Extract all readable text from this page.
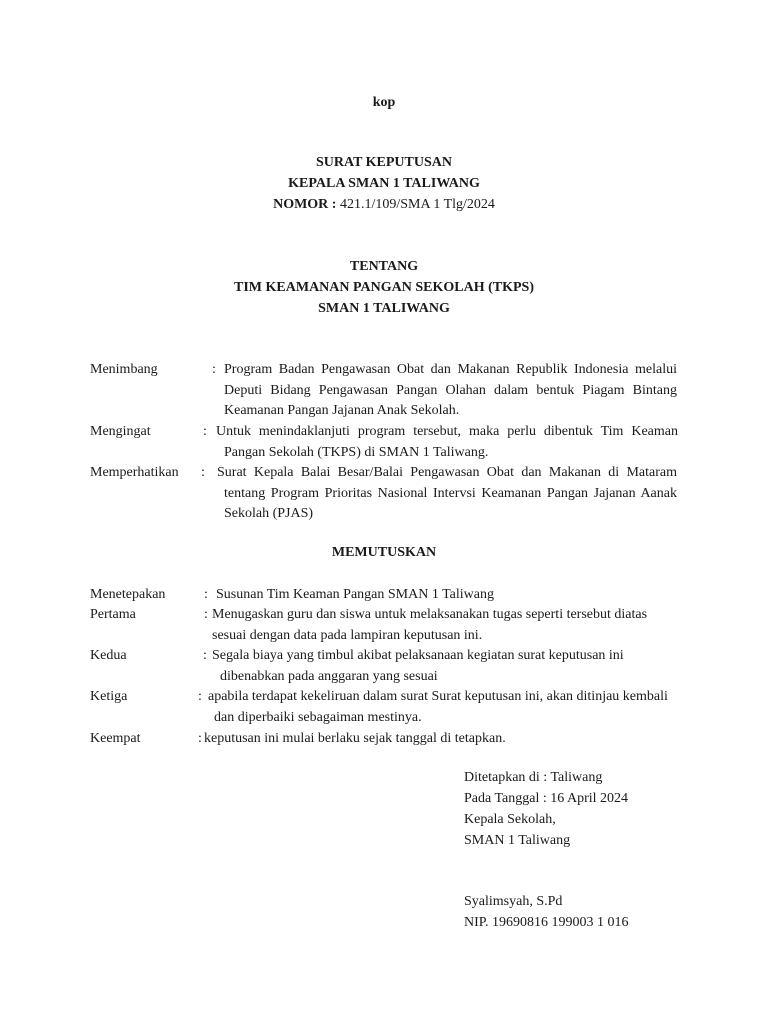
kop
SURAT KEPUTUSAN
KEPALA SMAN 1 TALIWANG
NOMOR : 421.1/109/SMA 1 Tlg/2024
TENTANG
TIM KEAMANAN PANGAN SEKOLAH (TKPS)
SMAN 1 TALIWANG
Menimbang	: Program Badan Pengawasan Obat dan Makanan Republik Indonesia melalui Deputi Bidang Pengawasan Pangan Olahan dalam bentuk Piagam Bintang Keamanan Pangan Jajanan Anak Sekolah.
Mengingat	: Untuk menindaklanjuti program tersebut, maka perlu dibentuk Tim Keaman Pangan Sekolah (TKPS) di SMAN 1 Taliwang.
Memperhatikan : Surat Kepala Balai Besar/Balai Pengawasan Obat dan Makanan di Mataram tentang Program Prioritas Nasional Intervsi Keamanan Pangan Jajanan Aanak Sekolah (PJAS)
MEMUTUSKAN
Menetepakan	: Susunan Tim Keaman Pangan SMAN 1 Taliwang
Pertama	: Menugaskan guru dan siswa untuk melaksanakan tugas seperti tersebut diatas sesuai dengan data pada lampiran keputusan ini.
Kedua	: Segala biaya yang timbul akibat pelaksanaan kegiatan surat keputusan ini dibenabkan pada anggaran yang sesuai
Ketiga	: apabila terdapat kekeliruan dalam surat Surat keputusan ini, akan ditinjau kembali dan diperbaiki sebagaiman mestinya.
Keempat	: keputusan ini mulai berlaku sejak tanggal di tetapkan.
Ditetapkan di : Taliwang
Pada Tanggal : 16 April 2024
Kepala Sekolah,
SMAN 1 Taliwang
Syalimsyah, S.Pd
NIP. 19690816 199003 1 016
